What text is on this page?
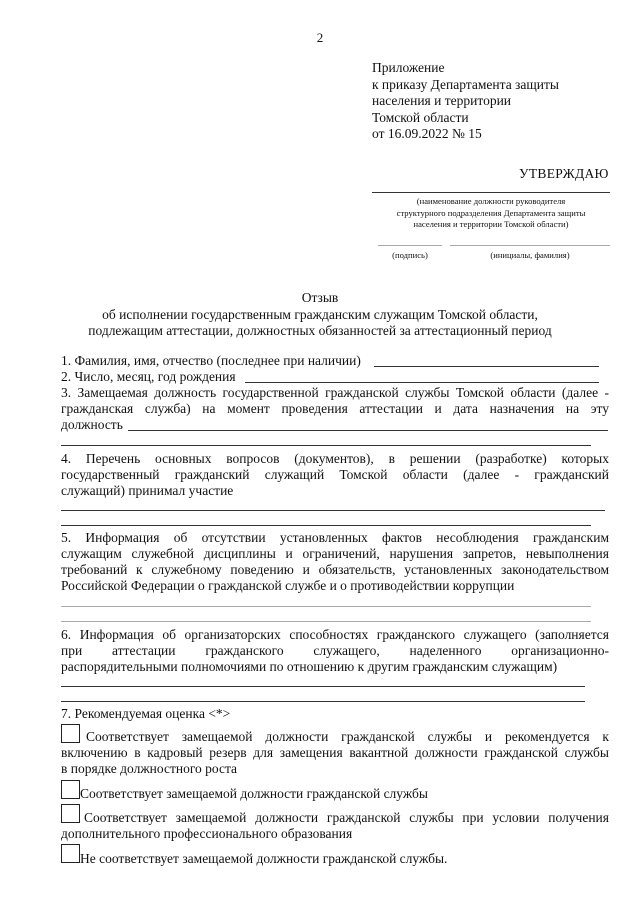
2
Приложение
к приказу Департамента защиты
населения и территории
Томской области
от 16.09.2022 № 15
УТВЕРЖДАЮ
(наименование должности руководителя
структурного подразделения Департамента защиты
населения и территории Томской области)
(подпись)	(инициалы, фамилия)
Отзыв
об исполнении государственным гражданским служащим Томской области,
подлежащим аттестации, должностных обязанностей за аттестационный период
1. Фамилия, имя, отчество (последнее при наличии)
2. Число, месяц, год рождения
3. Замещаемая должность государственной гражданской службы Томской области (далее -
гражданская служба) на момент проведения аттестации и дата назначения на эту
должность
4. Перечень основных вопросов (документов), в решении (разработке) которых
государственный гражданский служащий Томской области (далее - гражданский
служащий) принимал участие
5. Информация об отсутствии установленных фактов несоблюдения гражданским
служащим служебной дисциплины и ограничений, нарушения запретов, невыполнения
требований к служебному поведению и обязательств, установленных законодательством
Российской Федерации о гражданской службе и о противодействии коррупции
6. Информация об организаторских способностях гражданского служащего (заполняется
при аттестации гражданского служащего, наделенного организационно-
распорядительными полномочиями по отношению к другим гражданским служащим)
7. Рекомендуемая оценка <*>
Соответствует замещаемой должности гражданской службы и рекомендуется к
включению в кадровый резерв для замещения вакантной должности гражданской службы
в порядке должностного роста
Соответствует замещаемой должности гражданской службы
Соответствует замещаемой должности гражданской службы при условии получения
дополнительного профессионального образования
Не соответствует замещаемой должности гражданской службы.
